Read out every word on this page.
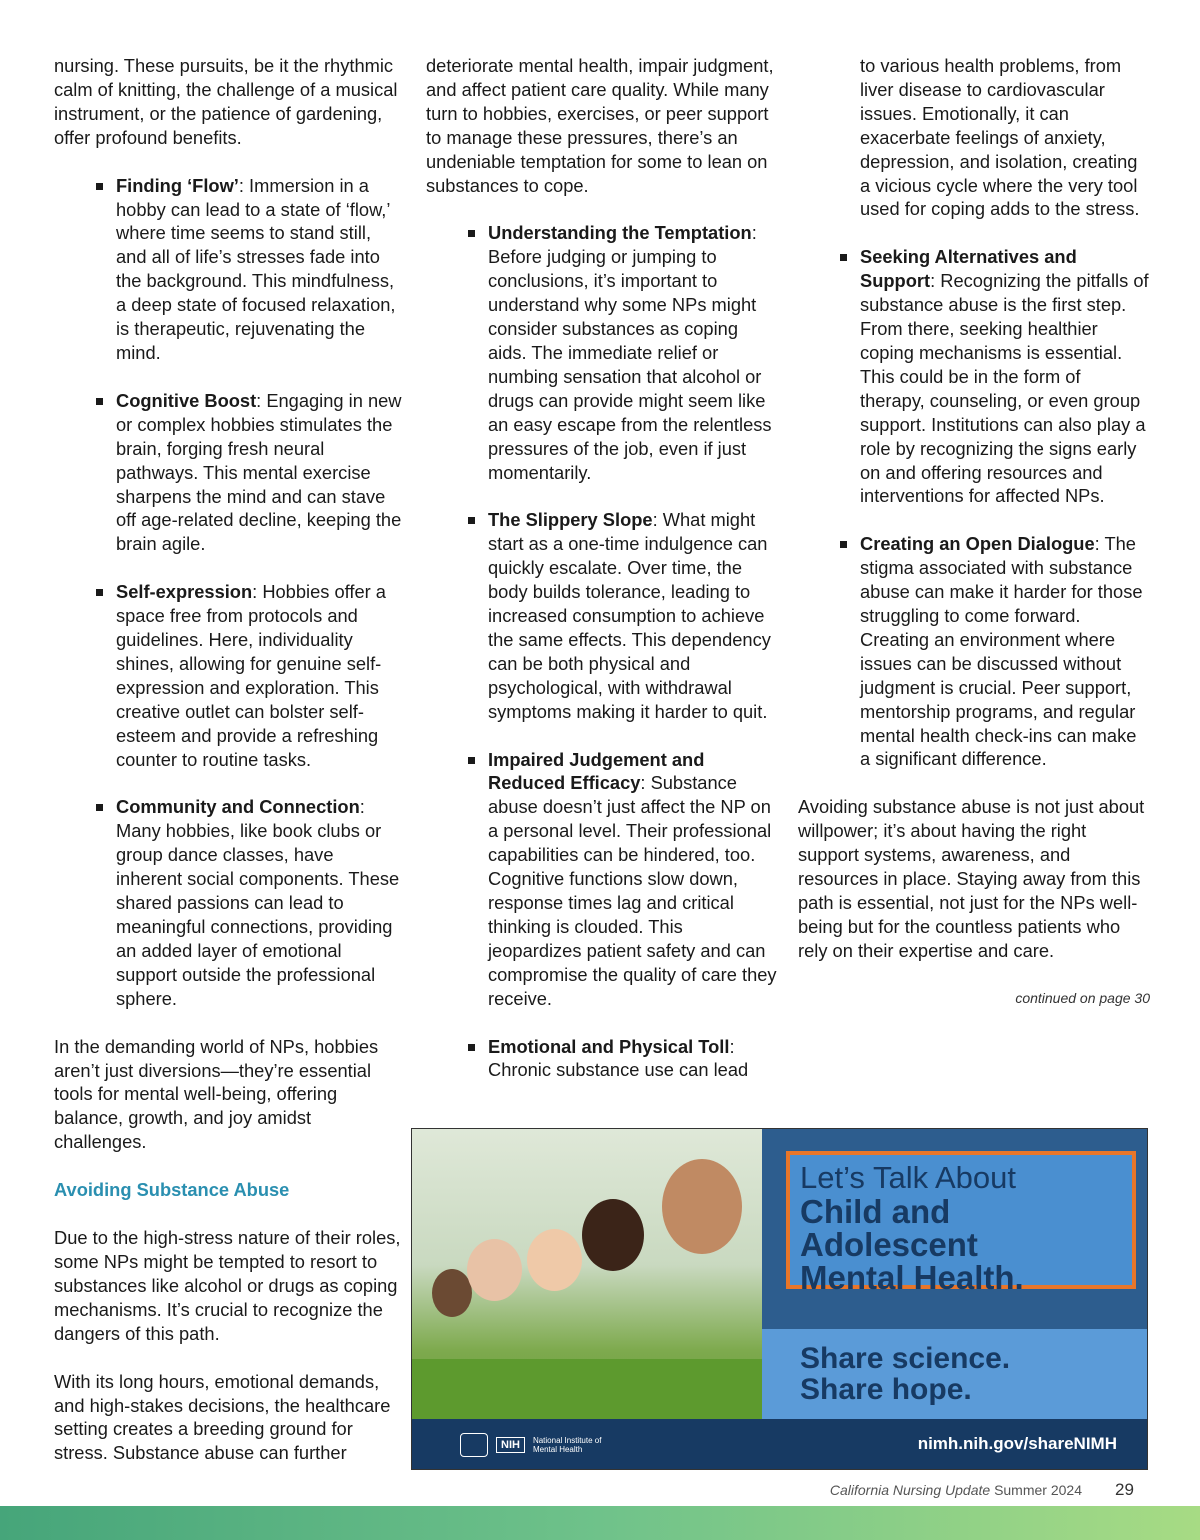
nursing. These pursuits, be it the rhythmic calm of knitting, the challenge of a musical instrument, or the patience of gardening, offer profound benefits.

Finding ‘Flow’: Immersion in a hobby can lead to a state of ‘flow,’ where time seems to stand still, and all of life’s stresses fade into the background. This mindfulness, a deep state of focused relaxation, is therapeutic, rejuvenating the mind.
Cognitive Boost: Engaging in new or complex hobbies stimulates the brain, forging fresh neural pathways. This mental exercise sharpens the mind and can stave off age-related decline, keeping the brain agile.
Self-expression: Hobbies offer a space free from protocols and guidelines. Here, individuality shines, allowing for genuine self-expression and exploration. This creative outlet can bolster self-esteem and provide a refreshing counter to routine tasks.
Community and Connection: Many hobbies, like book clubs or group dance classes, have inherent social components. These shared passions can lead to meaningful connections, providing an added layer of emotional support outside the professional sphere.

In the demanding world of NPs, hobbies aren’t just diversions—they’re essential tools for mental well-being, offering balance, growth, and joy amidst challenges.

Avoiding Substance Abuse

Due to the high-stress nature of their roles, some NPs might be tempted to resort to substances like alcohol or drugs as coping mechanisms. It’s crucial to recognize the dangers of this path.

With its long hours, emotional demands, and high-stakes decisions, the healthcare setting creates a breeding ground for stress. Substance abuse can further

deteriorate mental health, impair judgment, and affect patient care quality. While many turn to hobbies, exercises, or peer support to manage these pressures, there’s an undeniable temptation for some to lean on substances to cope.

Understanding the Temptation: Before judging or jumping to conclusions, it’s important to understand why some NPs might consider substances as coping aids. The immediate relief or numbing sensation that alcohol or drugs can provide might seem like an easy escape from the relentless pressures of the job, even if just momentarily.
The Slippery Slope: What might start as a one-time indulgence can quickly escalate. Over time, the body builds tolerance, leading to increased consumption to achieve the same effects. This dependency can be both physical and psychological, with withdrawal symptoms making it harder to quit.
Impaired Judgement and Reduced Efficacy: Substance abuse doesn’t just affect the NP on a personal level. Their professional capabilities can be hindered, too. Cognitive functions slow down, response times lag and critical thinking is clouded. This jeopardizes patient safety and can compromise the quality of care they receive.
Emotional and Physical Toll: Chronic substance use can lead
to various health problems, from liver disease to cardiovascular issues. Emotionally, it can exacerbate feelings of anxiety, depression, and isolation, creating a vicious cycle where the very tool used for coping adds to the stress.
Seeking Alternatives and Support: Recognizing the pitfalls of substance abuse is the first step. From there, seeking healthier coping mechanisms is essential. This could be in the form of therapy, counseling, or even group support. Institutions can also play a role by recognizing the signs early on and offering resources and interventions for affected NPs.
Creating an Open Dialogue: The stigma associated with substance abuse can make it harder for those struggling to come forward. Creating an environment where issues can be discussed without judgment is crucial. Peer support, mentorship programs, and regular mental health check-ins can make a significant difference.

Avoiding substance abuse is not just about willpower; it’s about having the right support systems, awareness, and resources in place. Staying away from this path is essential, not just for the NPs well-being but for the countless patients who rely on their expertise and care.

continued on page 30
Let’s Talk About
Child and
Adolescent
Mental Health.
Share science.
Share hope.
NIH	National Institute of Mental Health	nimh.nih.gov/shareNIMH
California Nursing Update Summer 2024 29
